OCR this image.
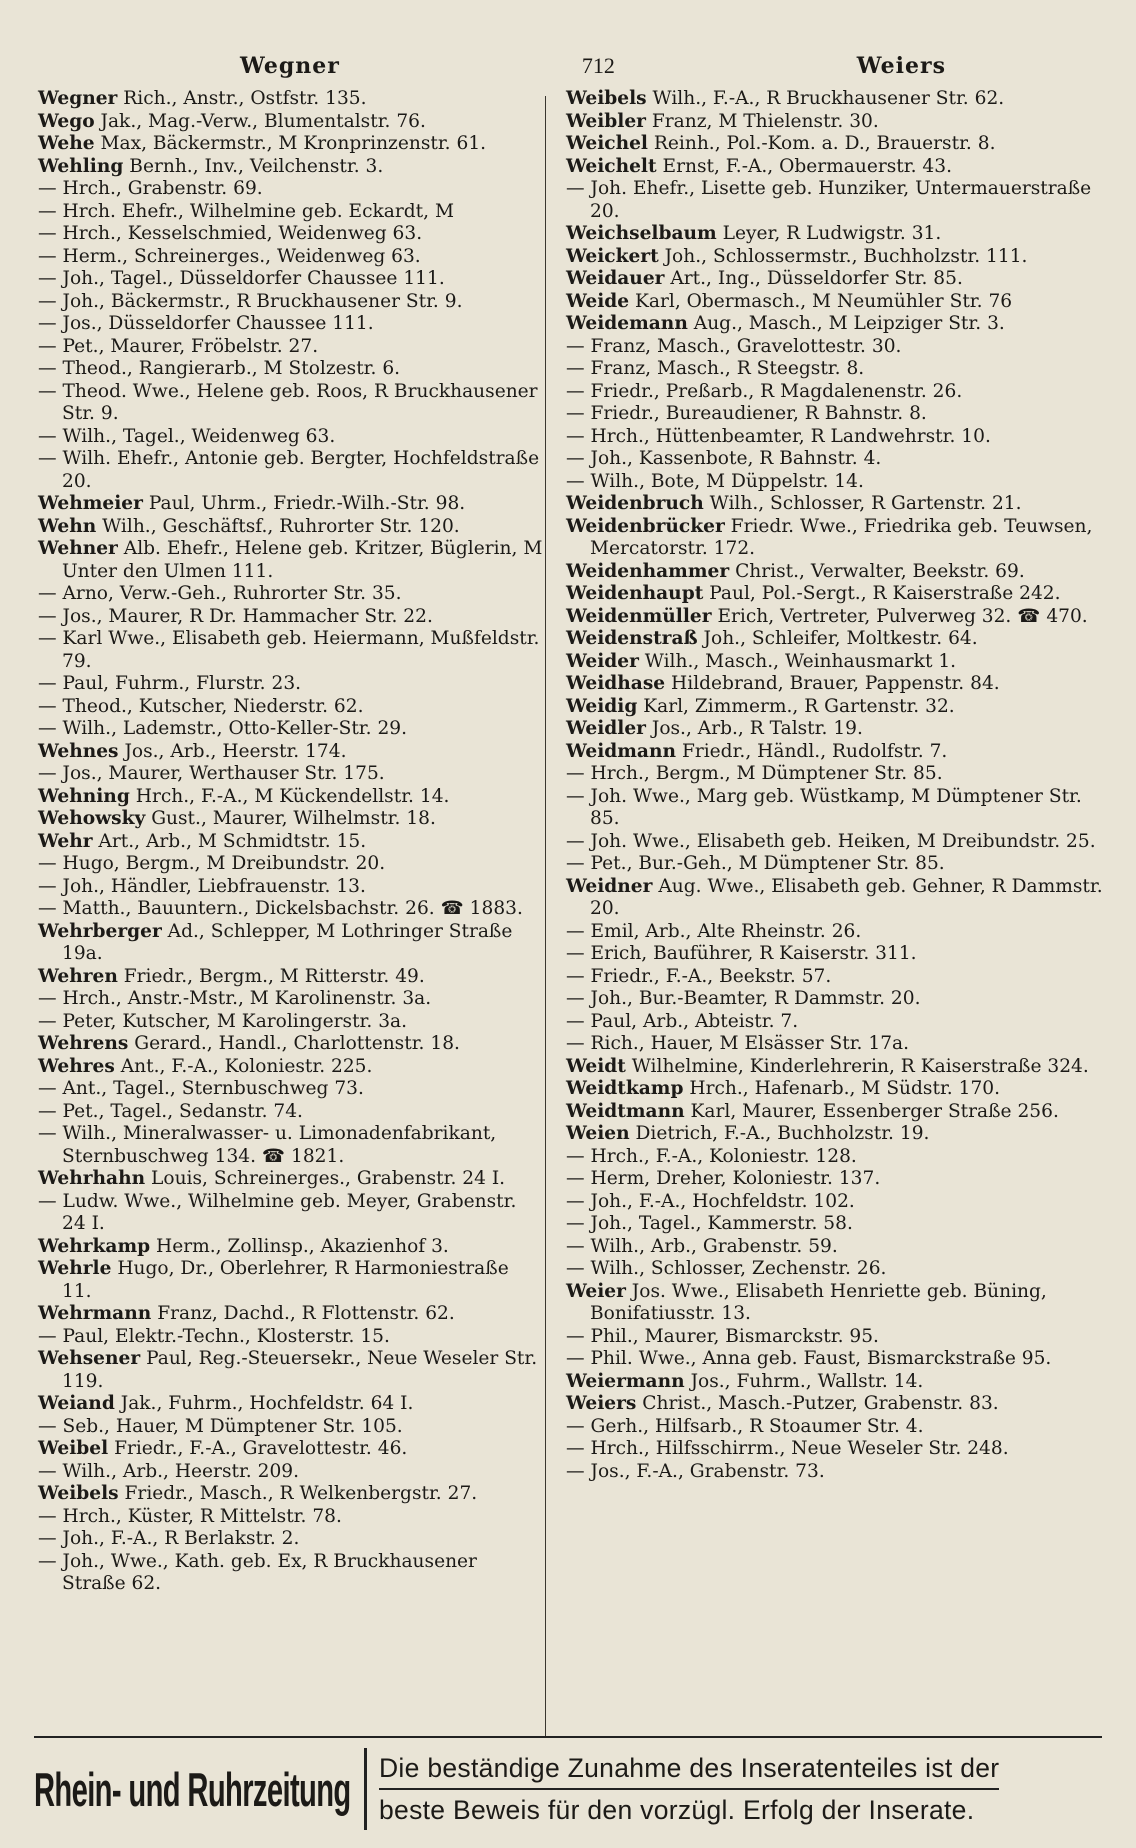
Wegner	712	Weiers
Wegner Rich., Anstr., Ostfstr. 135.
Wego Jak., Mag.-Verw., Blumentalstr. 76.
Wehe Max, Bäckermstr., M Kronprinzenstr. 61.
Wehling Bernh., Inv., Veilchenstr. 3.
— Hrch., Grabenstr. 69.
— Hrch. Ehefr., Wilhelmine geb. Eckardt, M
— Hrch., Kesselschmied, Weidenweg 63.
— Herm., Schreinerges., Weidenweg 63.
— Joh., Tagel., Düsseldorfer Chaussee 111.
— Joh., Bäckermstr., R Bruckhausener Str. 9.
— Jos., Düsseldorfer Chaussee 111.
— Pet., Maurer, Fröbelstr. 27.
— Theod., Rangierarb., M Stolzestr. 6.
— Theod. Wwe., Helene geb. Roos, R Bruckhausener Str. 9.
— Wilh., Tagel., Weidenweg 63.
— Wilh. Ehefr., Antonie geb. Bergter, Hochfeldstraße 20.
Wehmeier Paul, Uhrm., Friedr.-Wilh.-Str. 98.
Wehn Wilh., Geschäftsf., Ruhrorter Str. 120.
Wehner Alb. Ehefr., Helene geb. Kritzer, Büglerin, M Unter den Ulmen 111.
— Arno, Verw.-Geh., Ruhrorter Str. 35.
— Jos., Maurer, R Dr. Hammacher Str. 22.
— Karl Wwe., Elisabeth geb. Heiermann, Mußfeldstr. 79.
— Paul, Fuhrm., Flurstr. 23.
— Theod., Kutscher, Niederstr. 62.
— Wilh., Lademstr., Otto-Keller-Str. 29.
Wehnes Jos., Arb., Heerstr. 174.
— Jos., Maurer, Werthauser Str. 175.
Wehning Hrch., F.-A., M Kückendellstr. 14.
Wehowsky Gust., Maurer, Wilhelmstr. 18.
Wehr Art., Arb., M Schmidtstr. 15.
— Hugo, Bergm., M Dreibundstr. 20.
— Joh., Händler, Liebfrauenstr. 13.
— Matth., Bauuntern., Dickelsbachstr. 26. ☎ 1883.
Wehrberger Ad., Schlepper, M Lothringer Straße 19a.
Wehren Friedr., Bergm., M Ritterstr. 49.
— Hrch., Anstr.-Mstr., M Karolinenstr. 3a.
— Peter, Kutscher, M Karolingerstr. 3a.
Wehrens Gerard., Handl., Charlottenstr. 18.
Wehres Ant., F.-A., Koloniestr. 225.
— Ant., Tagel., Sternbuschweg 73.
— Pet., Tagel., Sedanstr. 74.
— Wilh., Mineralwasser- u. Limonadenfabrikant, Sternbuschweg 134. ☎ 1821.
Wehrhahn Louis, Schreinerges., Grabenstr. 24 I.
— Ludw. Wwe., Wilhelmine geb. Meyer, Grabenstr. 24 I.
Wehrkamp Herm., Zollinsp., Akazienhof 3.
Wehrle Hugo, Dr., Oberlehrer, R Harmoniestraße 11.
Wehrmann Franz, Dachd., R Flottenstr. 62.
— Paul, Elektr.-Techn., Klosterstr. 15.
Wehsener Paul, Reg.-Steuersekr., Neue Weseler Str. 119.
Weiand Jak., Fuhrm., Hochfeldstr. 64 I.
— Seb., Hauer, M Dümptener Str. 105.
Weibel Friedr., F.-A., Gravelottestr. 46.
— Wilh., Arb., Heerstr. 209.
Weibels Friedr., Masch., R Welkenbergstr. 27.
— Hrch., Küster, R Mittelstr. 78.
— Joh., F.-A., R Berlakstr. 2.
— Joh., Wwe., Kath. geb. Ex, R Bruckhausener Straße 62.
Weibels Wilh., F.-A., R Bruckhausener Str. 62.
Weibler Franz, M Thielenstr. 30.
Weichel Reinh., Pol.-Kom. a. D., Brauerstr. 8.
Weichelt Ernst, F.-A., Obermauerstr. 43.
— Joh. Ehefr., Lisette geb. Hunziker, Untermauerstraße 20.
Weichselbaum Leyer, R Ludwigstr. 31.
Weickert Joh., Schlossermstr., Buchholzstr. 111.
Weidauer Art., Ing., Düsseldorfer Str. 85.
Weide Karl, Obermasch., M Neumühler Str. 76
Weidemann Aug., Masch., M Leipziger Str. 3.
— Franz, Masch., Gravelottestr. 30.
— Franz, Masch., R Steegstr. 8.
— Friedr., Preßarb., R Magdalenenstr. 26.
— Friedr., Bureaudiener, R Bahnstr. 8.
— Hrch., Hüttenbeamter, R Landwehrstr. 10.
— Joh., Kassenbote, R Bahnstr. 4.
— Wilh., Bote, M Düppelstr. 14.
Weidenbruch Wilh., Schlosser, R Gartenstr. 21.
Weidenbrücker Friedr. Wwe., Friedrika geb. Teuwsen, Mercatorstr. 172.
Weidenhammer Christ., Verwalter, Beekstr. 69.
Weidenhaupt Paul, Pol.-Sergt., R Kaiserstraße 242.
Weidenmüller Erich, Vertreter, Pulverweg 32. ☎ 470.
Weidenstraß Joh., Schleifer, Moltkestr. 64.
Weider Wilh., Masch., Weinhausmarkt 1.
Weidhase Hildebrand, Brauer, Pappenstr. 84.
Weidig Karl, Zimmerm., R Gartenstr. 32.
Weidler Jos., Arb., R Talstr. 19.
Weidmann Friedr., Händl., Rudolfstr. 7.
— Hrch., Bergm., M Dümptener Str. 85.
— Joh. Wwe., Marg geb. Wüstkamp, M Dümptener Str. 85.
— Joh. Wwe., Elisabeth geb. Heiken, M Dreibundstr. 25.
— Pet., Bur.-Geh., M Dümptener Str. 85.
Weidner Aug. Wwe., Elisabeth geb. Gehner, R Dammstr. 20.
— Emil, Arb., Alte Rheinstr. 26.
— Erich, Bauführer, R Kaiserstr. 311.
— Friedr., F.-A., Beekstr. 57.
— Joh., Bur.-Beamter, R Dammstr. 20.
— Paul, Arb., Abteistr. 7.
— Rich., Hauer, M Elsässer Str. 17a.
Weidt Wilhelmine, Kinderlehrerin, R Kaiserstraße 324.
Weidtkamp Hrch., Hafenarb., M Südstr. 170.
Weidtmann Karl, Maurer, Essenberger Straße 256.
Weien Dietrich, F.-A., Buchholzstr. 19.
— Hrch., F.-A., Koloniestr. 128.
— Herm, Dreher, Koloniestr. 137.
— Joh., F.-A., Hochfeldstr. 102.
— Joh., Tagel., Kammerstr. 58.
— Wilh., Arb., Grabenstr. 59.
— Wilh., Schlosser, Zechenstr. 26.
Weier Jos. Wwe., Elisabeth Henriette geb. Büning, Bonifatiusstr. 13.
— Phil., Maurer, Bismarckstr. 95.
— Phil. Wwe., Anna geb. Faust, Bismarckstraße 95.
Weiermann Jos., Fuhrm., Wallstr. 14.
Weiers Christ., Masch.-Putzer, Grabenstr. 83.
— Gerh., Hilfsarb., R Stoaumer Str. 4.
— Hrch., Hilfsschirrm., Neue Weseler Str. 248.
— Jos., F.-A., Grabenstr. 73.
Rhein- und Ruhrzeitung Die beständige Zunahme des Inseratenteiles ist der
beste Beweis für den vorzügl. Erfolg der Inserate.
